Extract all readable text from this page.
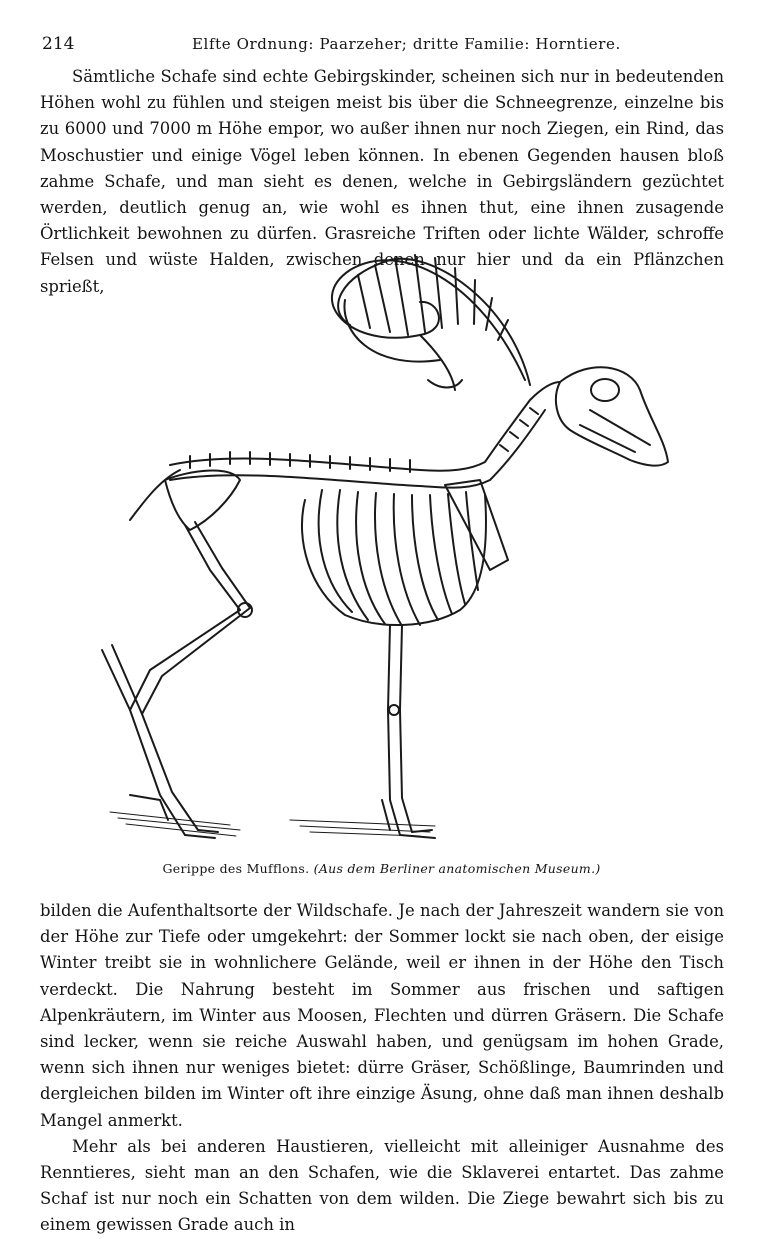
214	Elfte Ordnung: Paarzeher; dritte Familie: Horntiere.

Sämtliche Schafe sind echte Gebirgskinder, scheinen sich nur in bedeutenden Höhen wohl zu fühlen und steigen meist bis über die Schneegrenze, einzelne bis zu 6000 und 7000 m Höhe empor, wo außer ihnen nur noch Ziegen, ein Rind, das Moschustier und einige Vögel leben können. In ebenen Gegenden hausen bloß zahme Schafe, und man sieht es denen, welche in Gebirgsländern gezüchtet werden, deutlich genug an, wie wohl es ihnen thut, eine ihnen zusagende Örtlichkeit bewohnen zu dürfen. Grasreiche Triften oder lichte Wälder, schroffe Felsen und wüste Halden, zwischen denen nur hier und da ein Pflänzchen sprießt,

Gerippe des Mufflons. (Aus dem Berliner anatomischen Museum.)

bilden die Aufenthaltsorte der Wildschafe. Je nach der Jahreszeit wandern sie von der Höhe zur Tiefe oder umgekehrt: der Sommer lockt sie nach oben, der eisige Winter treibt sie in wohnlichere Gelände, weil er ihnen in der Höhe den Tisch verdeckt. Die Nahrung besteht im Sommer aus frischen und saftigen Alpenkräutern, im Winter aus Moosen, Flechten und dürren Gräsern. Die Schafe sind lecker, wenn sie reiche Auswahl haben, und genügsam im hohen Grade, wenn sich ihnen nur weniges bietet: dürre Gräser, Schößlinge, Baumrinden und dergleichen bilden im Winter oft ihre einzige Äsung, ohne daß man ihnen deshalb Mangel anmerkt.

Mehr als bei anderen Haustieren, vielleicht mit alleiniger Ausnahme des Renntieres, sieht man an den Schafen, wie die Sklaverei entartet. Das zahme Schaf ist nur noch ein Schatten von dem wilden. Die Ziege bewahrt sich bis zu einem gewissen Grade auch in
